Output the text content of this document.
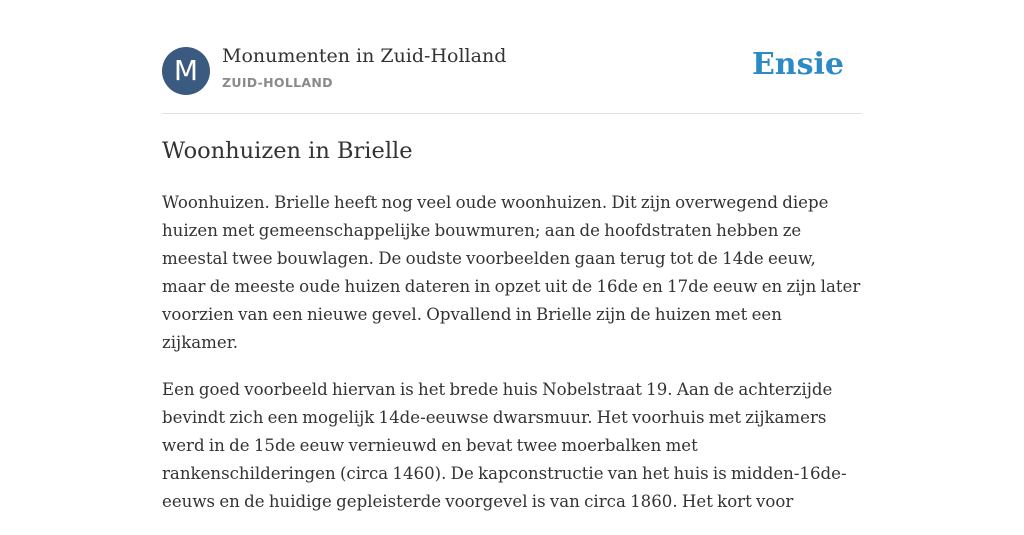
M	Monumenten in Zuid-Holland
ZUID-HOLLAND
Ensie
Woonhuizen in Brielle

Woonhuizen. Brielle heeft nog veel oude woonhuizen. Dit zijn overwegend diepe huizen met gemeenschappelijke bouwmuren; aan de hoofdstraten hebben ze meestal twee bouwlagen. De oudste voorbeelden gaan terug tot de 14de eeuw, maar de meeste oude huizen dateren in opzet uit de 16de en 17de eeuw en zijn later voorzien van een nieuwe gevel. Opvallend in Brielle zijn de huizen met een zijkamer.

Een goed voorbeeld hiervan is het brede huis Nobelstraat 19. Aan de achterzijde bevindt zich een mogelijk 14de-eeuwse dwarsmuur. Het voorhuis met zijkamers werd in de 15de eeuw vernieuwd en bevat twee moerbalken met rankenschilderingen (circa 1460). De kapconstructie van het huis is midden-16de-eeuws en de huidige gepleisterde voorgevel is van circa 1860. Het kort voor
